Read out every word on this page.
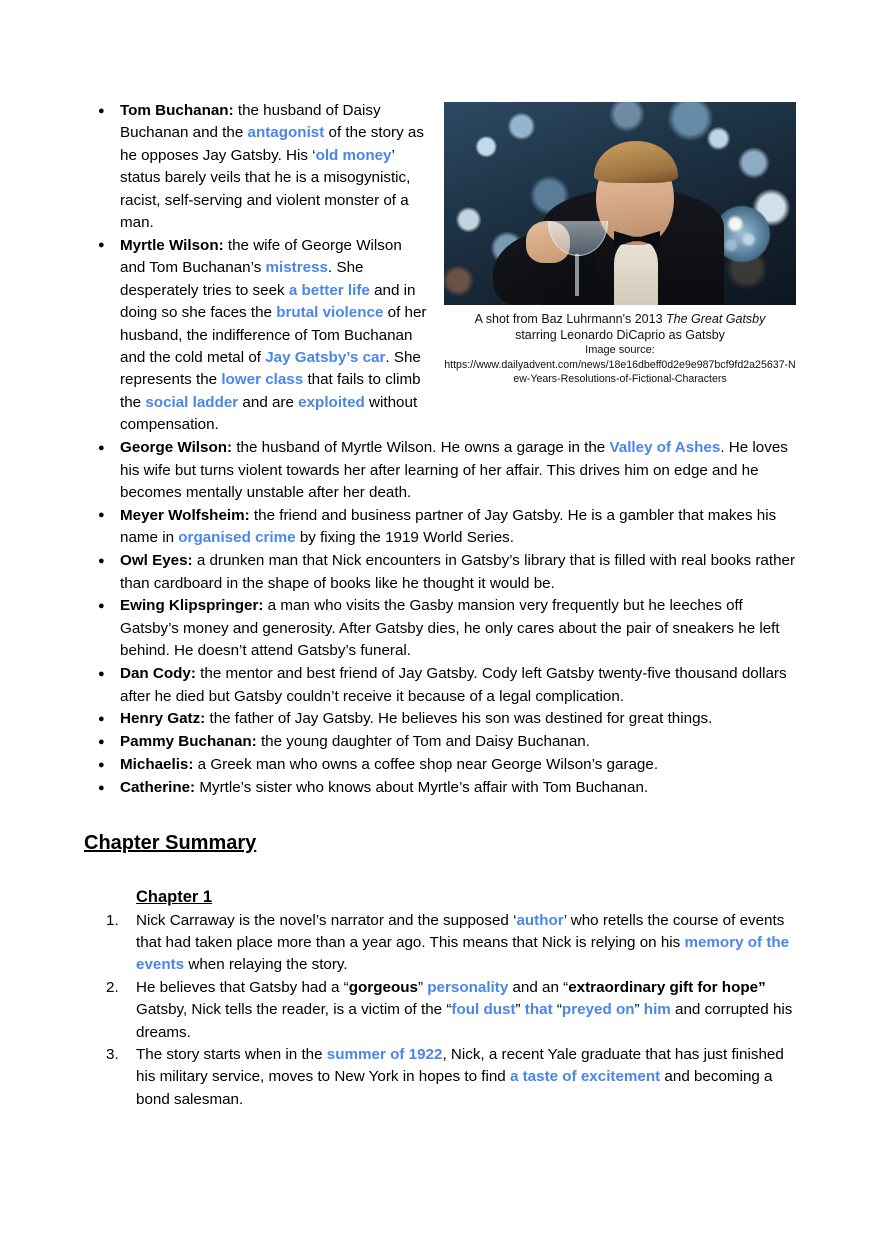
A shot from Baz Luhrmann's 2013 The Great Gatsby
starring Leonardo DiCaprio as Gatsby
Image source:
https://www.dailyadvent.com/news/18e16dbeff0d2e9e987bcf9fd2a25637-New-Years-Resolutions-of-Fictional-Characters
● Tom Buchanan: the husband of Daisy Buchanan and the antagonist of the story as he opposes Jay Gatsby. His ‘old money’ status barely veils that he is a misogynistic, racist, self-serving and violent monster of a man.
● Myrtle Wilson: the wife of George Wilson and Tom Buchanan’s mistress. She desperately tries to seek a better life and in doing so she faces the brutal violence of her husband, the indifference of Tom Buchanan and the cold metal of Jay Gatsby’s car. She represents the lower class that fails to climb the social ladder and are exploited without compensation.
● George Wilson: the husband of Myrtle Wilson. He owns a garage in the Valley of Ashes. He loves his wife but turns violent towards her after learning of her affair. This drives him on edge and he becomes mentally unstable after her death.
● Meyer Wolfsheim: the friend and business partner of Jay Gatsby. He is a gambler that makes his name in organised crime by fixing the 1919 World Series.
● Owl Eyes: a drunken man that Nick encounters in Gatsby’s library that is filled with real books rather than cardboard in the shape of books like he thought it would be.
● Ewing Klipspringer: a man who visits the Gasby mansion very frequently but he leeches off Gatsby’s money and generosity. After Gatsby dies, he only cares about the pair of sneakers he left behind. He doesn’t attend Gatsby’s funeral.
● Dan Cody: the mentor and best friend of Jay Gatsby. Cody left Gatsby twenty-five thousand dollars after he died but Gatsby couldn’t receive it because of a legal complication.
● Henry Gatz: the father of Jay Gatsby. He believes his son was destined for great things.
● Pammy Buchanan: the young daughter of Tom and Daisy Buchanan.
● Michaelis: a Greek man who owns a coffee shop near George Wilson’s garage.
● Catherine: Myrtle’s sister who knows about Myrtle’s affair with Tom Buchanan.
Chapter Summary
Chapter 1
Nick Carraway is the novel’s narrator and the supposed ‘author’ who retells the course of events that had taken place more than a year ago. This means that Nick is relying on his memory of the events when relaying the story.
He believes that Gatsby had a “gorgeous” personality and an “extraordinary gift for hope” Gatsby, Nick tells the reader, is a victim of the “foul dust” that “preyed on” him and corrupted his dreams.
The story starts when in the summer of 1922, Nick, a recent Yale graduate that has just finished his military service, moves to New York in hopes to find a taste of excitement and becoming a bond salesman.
